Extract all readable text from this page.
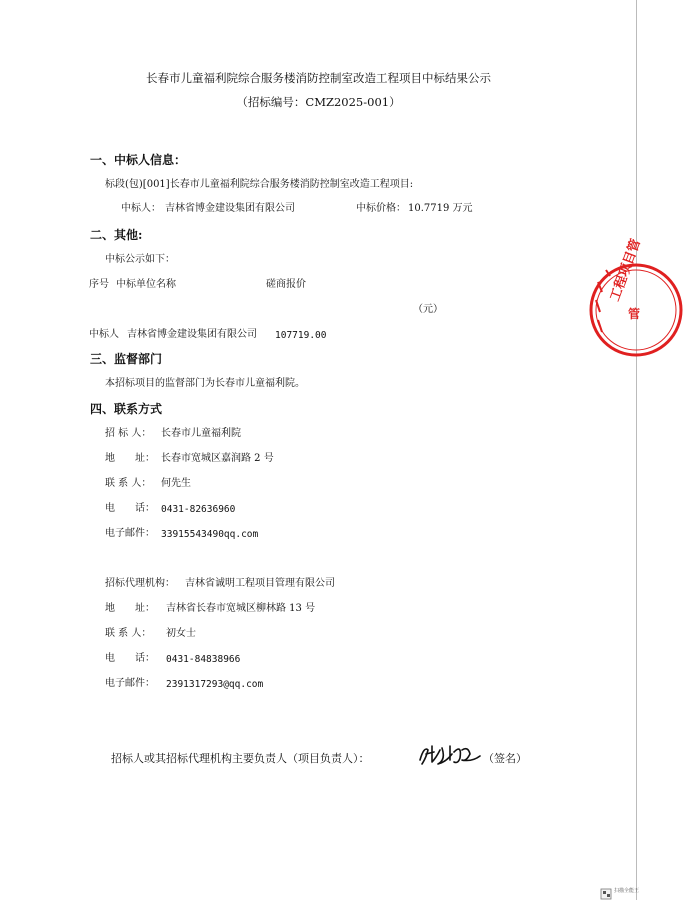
长春市儿童福利院综合服务楼消防控制室改造工程项目中标结果公示
（招标编号：CMZ2025-001）
一、中标人信息：
标段(包)[001]长春市儿童福利院综合服务楼消防控制室改造工程项目:
中标人： 吉林省博金建设集团有限公司	中标价格： 10.7719 万元
二、其他:
中标公示如下：
序号 中标单位名称	磋商报价
（元）
中标人 吉林省博金建设集团有限公司 107719.00
三、监督部门
本招标项目的监督部门为长春市儿童福利院。
四、联系方式
招 标 人： 长春市儿童福利院
地　　址： 长春市宽城区嘉润路 2 号
联 系 人： 何先生
电　　话： 0431-82636960
电子邮件： 33915543490qq.com
招标代理机构： 吉林省诚明工程项目管理有限公司
地　　址： 吉林省长春市宽城区柳林路 13 号
联 系 人： 初女士
电　　话： 0431-84838966
电子邮件： 2391317293@qq.com
招标人或其招标代理机构主要负责人（项目负责人）：	（签名）
工程项目管
管
扫描全能王
